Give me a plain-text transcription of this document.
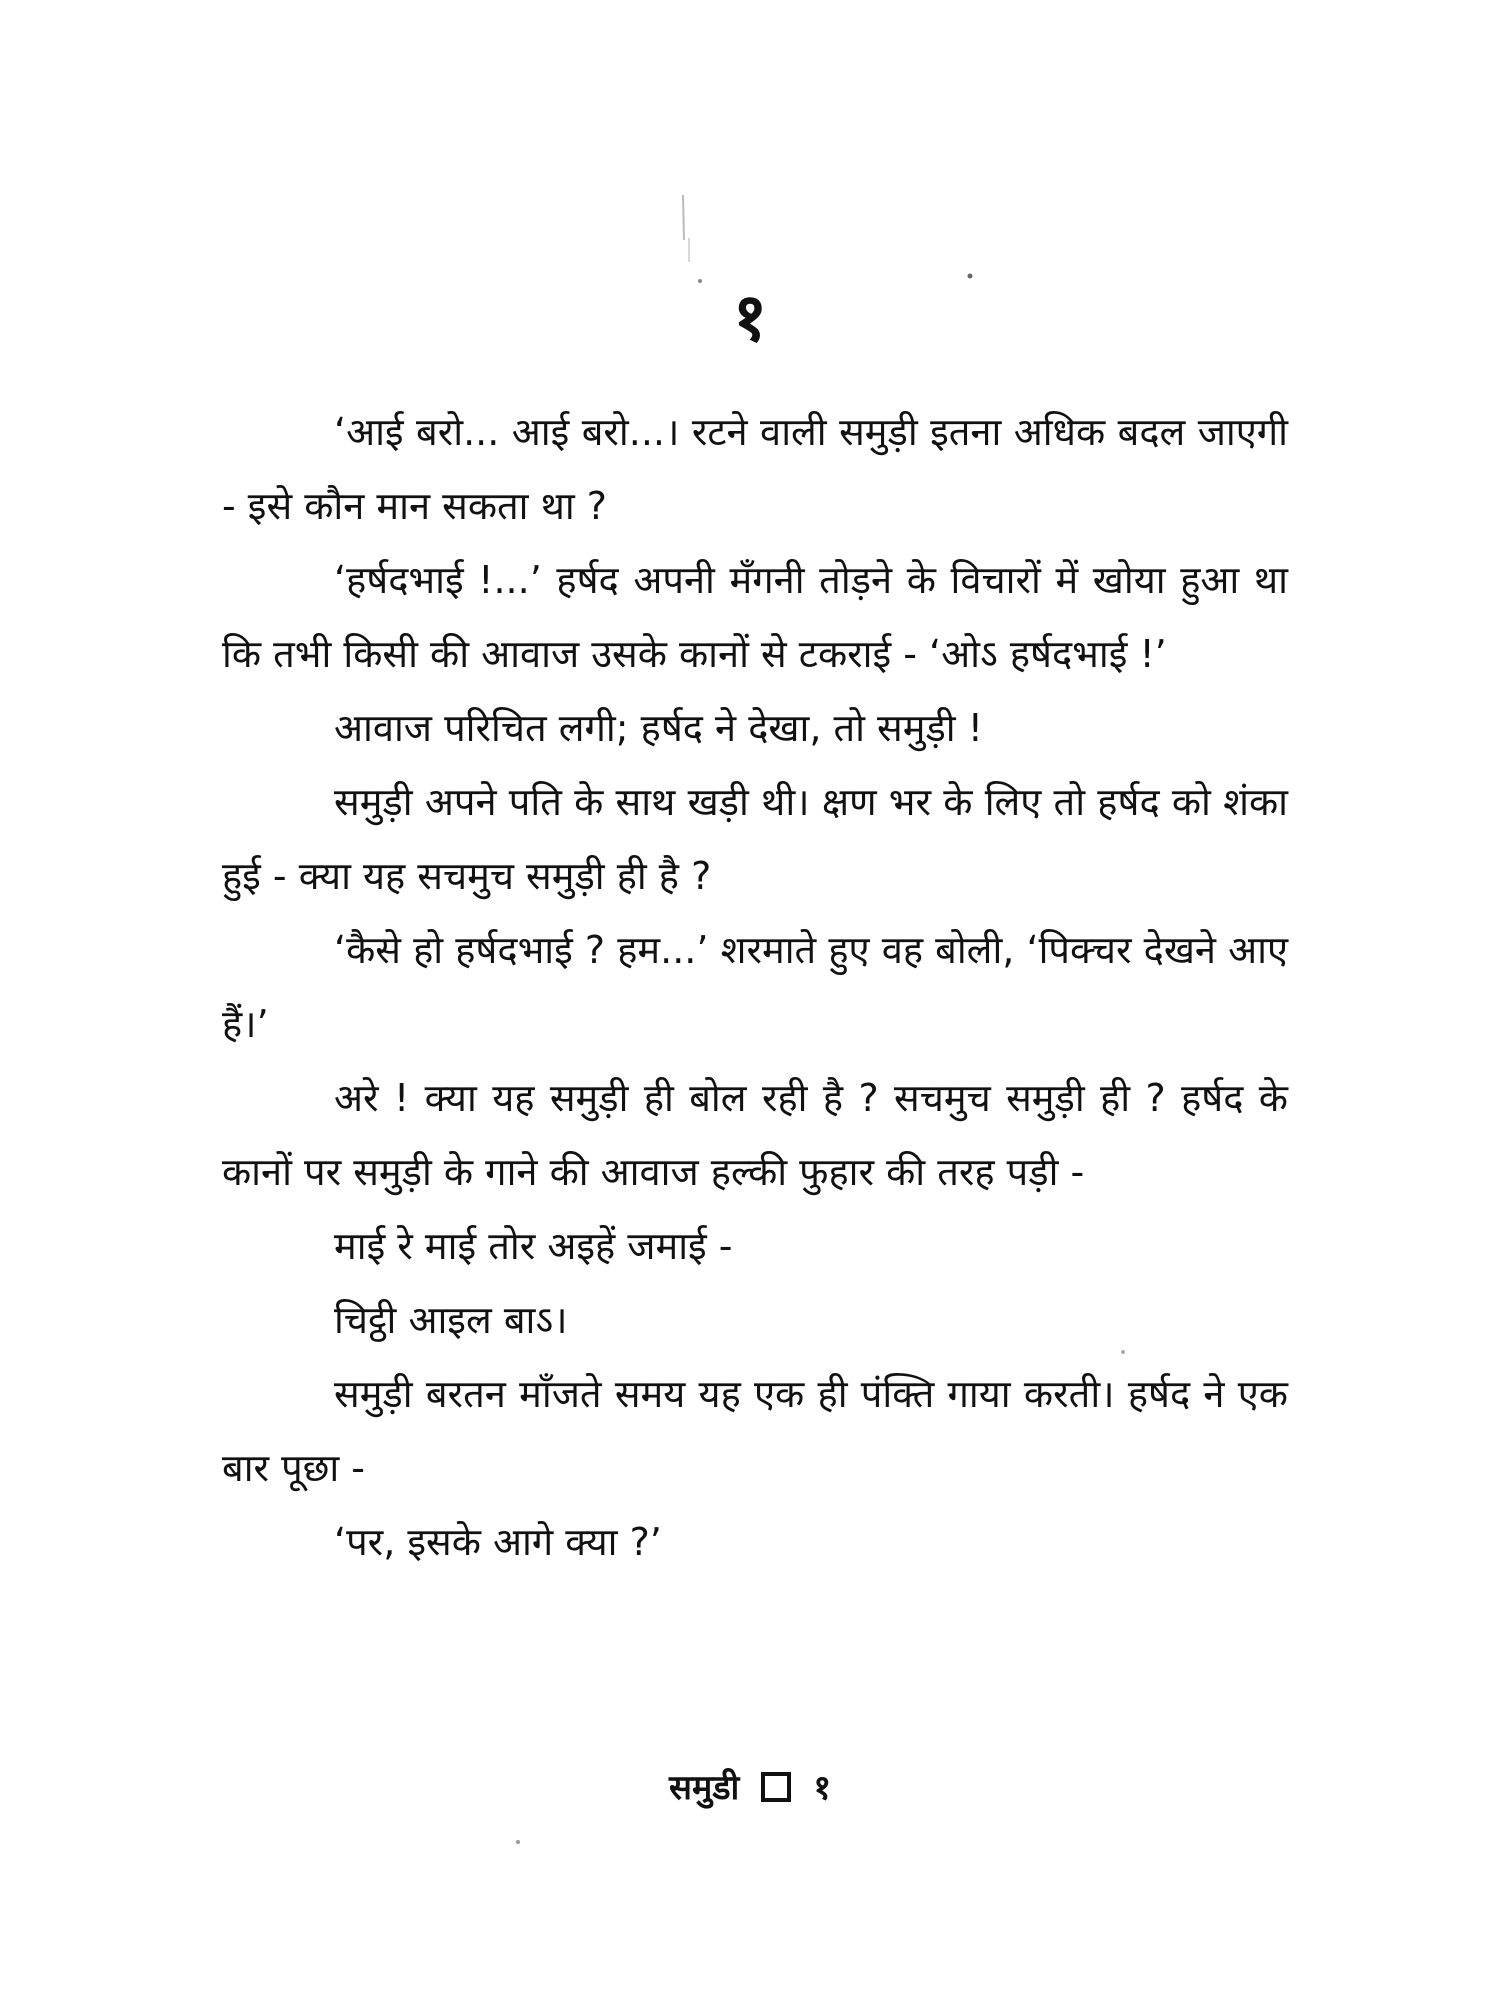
१

‘आई बरो... आई बरो...। रटने वाली समुड़ी इतना अधिक बदल जाएगी - इसे कौन मान सकता था ?

‘हर्षदभाई !...’ हर्षद अपनी मँगनी तोड़ने के विचारों में खोया हुआ था कि तभी किसी की आवाज उसके कानों से टकराई - ‘ओऽ हर्षदभाई !’

आवाज परिचित लगी; हर्षद ने देखा, तो समुड़ी !

समुड़ी अपने पति के साथ खड़ी थी। क्षण भर के लिए तो हर्षद को शंका हुई - क्या यह सचमुच समुड़ी ही है ?

‘कैसे हो हर्षदभाई ? हम...’ शरमाते हुए वह बोली, ‘पिक्चर देखने आए हैं।’

अरे ! क्या यह समुड़ी ही बोल रही है ? सचमुच समुड़ी ही ? हर्षद के कानों पर समुड़ी के गाने की आवाज हल्की फुहार की तरह पड़ी -

माई रे माई तोर अइहें जमाई -

चिट्ठी आइल बाऽ।

समुड़ी बरतन माँजते समय यह एक ही पंक्ति गाया करती। हर्षद ने एक बार पूछा -

‘पर, इसके आगे क्या ?’

समुडी १
